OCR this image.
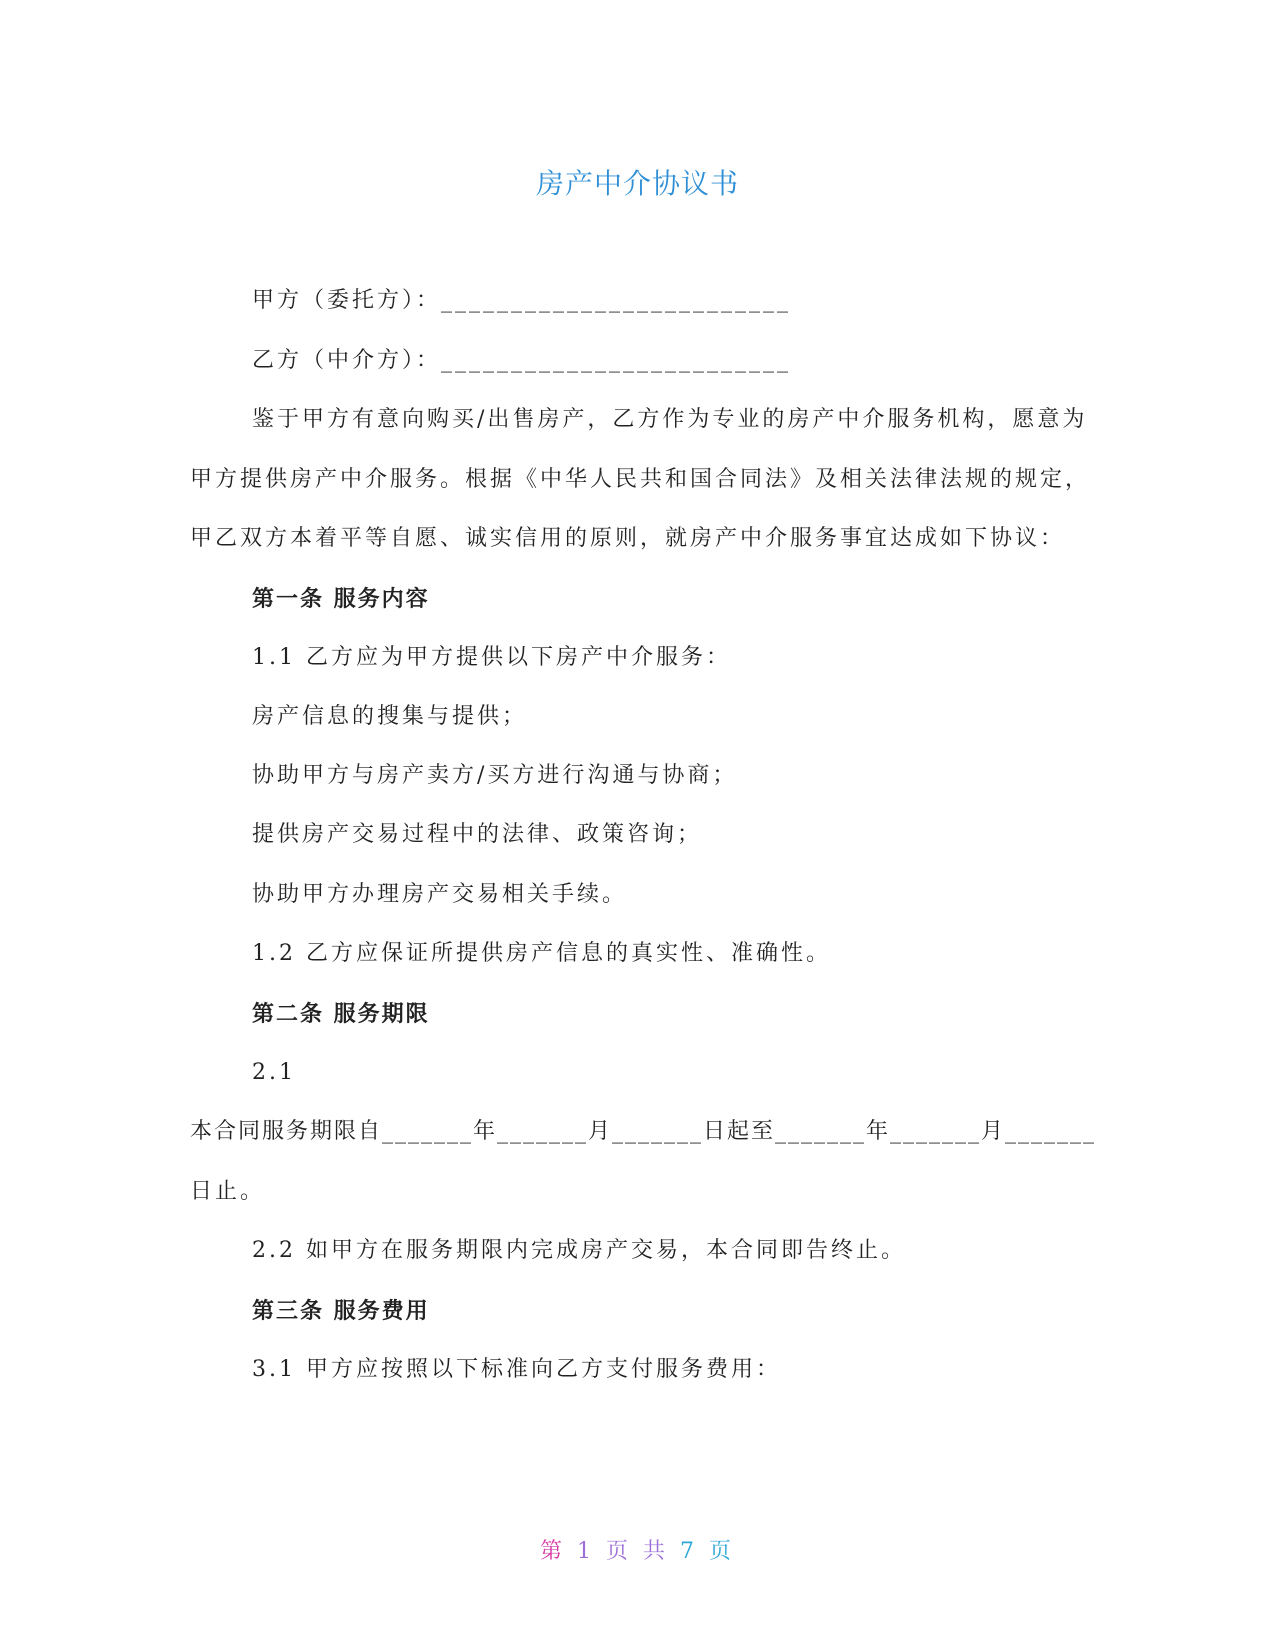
房产中介协议书
甲方（委托方）：_________________________
乙方（中介方）：_________________________
鉴于甲方有意向购买/出售房产，乙方作为专业的房产中介服务机构，愿意为
甲方提供房产中介服务。根据《中华人民共和国合同法》及相关法律法规的规定，
甲乙双方本着平等自愿、诚实信用的原则，就房产中介服务事宜达成如下协议：
第一条 服务内容
1.1 乙方应为甲方提供以下房产中介服务：
房产信息的搜集与提供；
协助甲方与房产卖方/买方进行沟通与协商；
提供房产交易过程中的法律、政策咨询；
协助甲方办理房产交易相关手续。
1.2 乙方应保证所提供房产信息的真实性、准确性。
第二条 服务期限
2.1
本合同服务期限自_______年_______月_______日起至_______年_______月_______
日止。
2.2 如甲方在服务期限内完成房产交易，本合同即告终止。
第三条 服务费用
3.1 甲方应按照以下标准向乙方支付服务费用：
第 1 页 共 7 页
